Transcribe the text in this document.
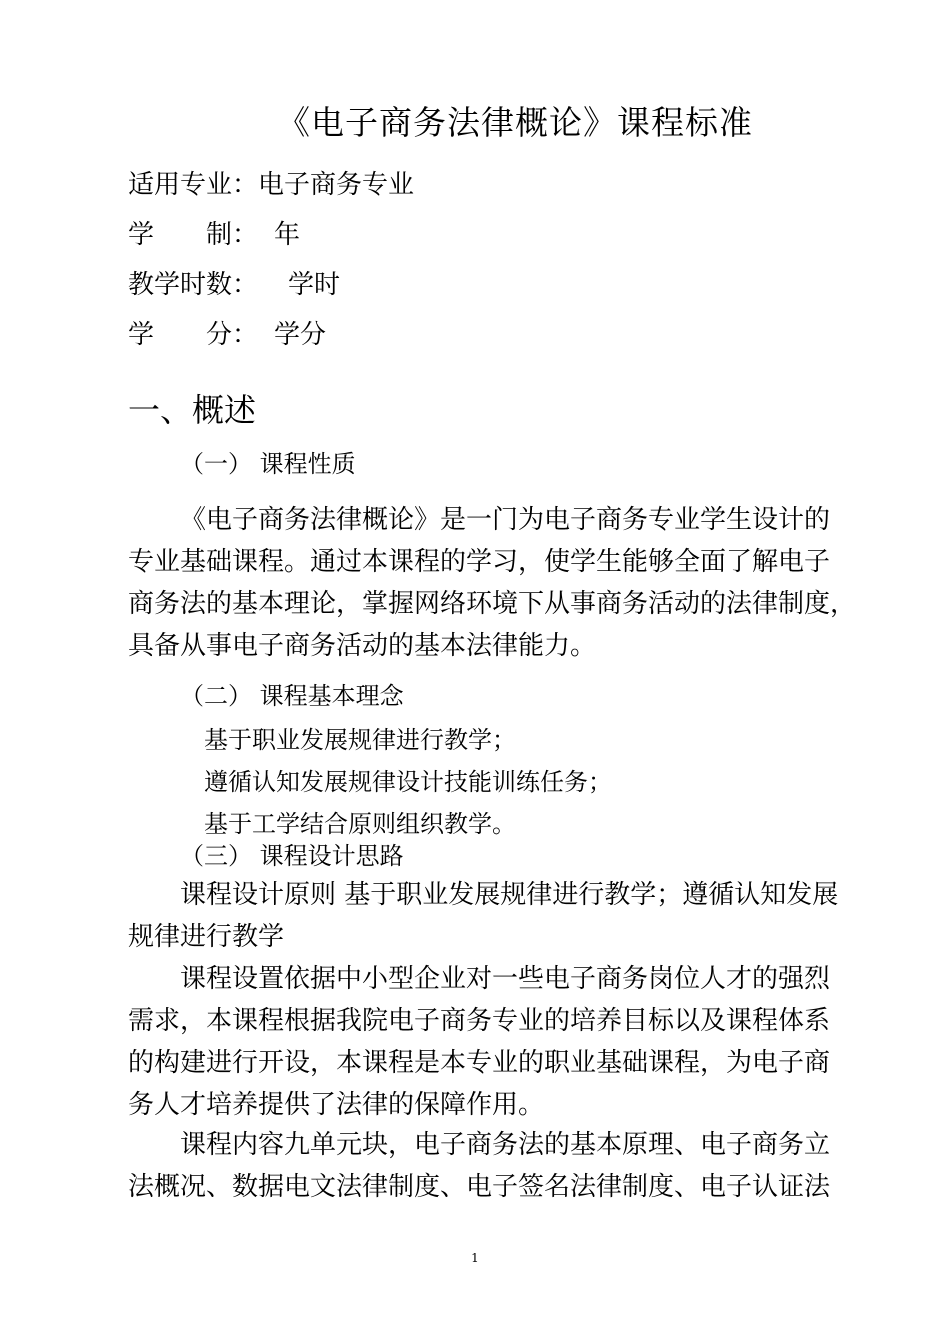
《电子商务法律概论》课程标准
适用专业：电子商务专业
学 制： 年
教学时数： 学时
学 分： 学分
一、概述
（一） 课程性质
《电子商务法律概论》是一门为电子商务专业学生设计的
专业基础课程。通过本课程的学习，使学生能够全面了解电子
商务法的基本理论，掌握网络环境下从事商务活动的法律制度，
具备从事电子商务活动的基本法律能力。
（二） 课程基本理念
基于职业发展规律进行教学；
遵循认知发展规律设计技能训练任务；
基于工学结合原则组织教学。
（三） 课程设计思路
课程设计原则 基于职业发展规律进行教学；遵循认知发展
规律进行教学
课程设置依据中小型企业对一些电子商务岗位人才的强烈
需求，本课程根据我院电子商务专业的培养目标以及课程体系
的构建进行开设，本课程是本专业的职业基础课程，为电子商
务人才培养提供了法律的保障作用。
课程内容九单元块，电子商务法的基本原理、电子商务立
法概况、数据电文法律制度、电子签名法律制度、电子认证法
1
